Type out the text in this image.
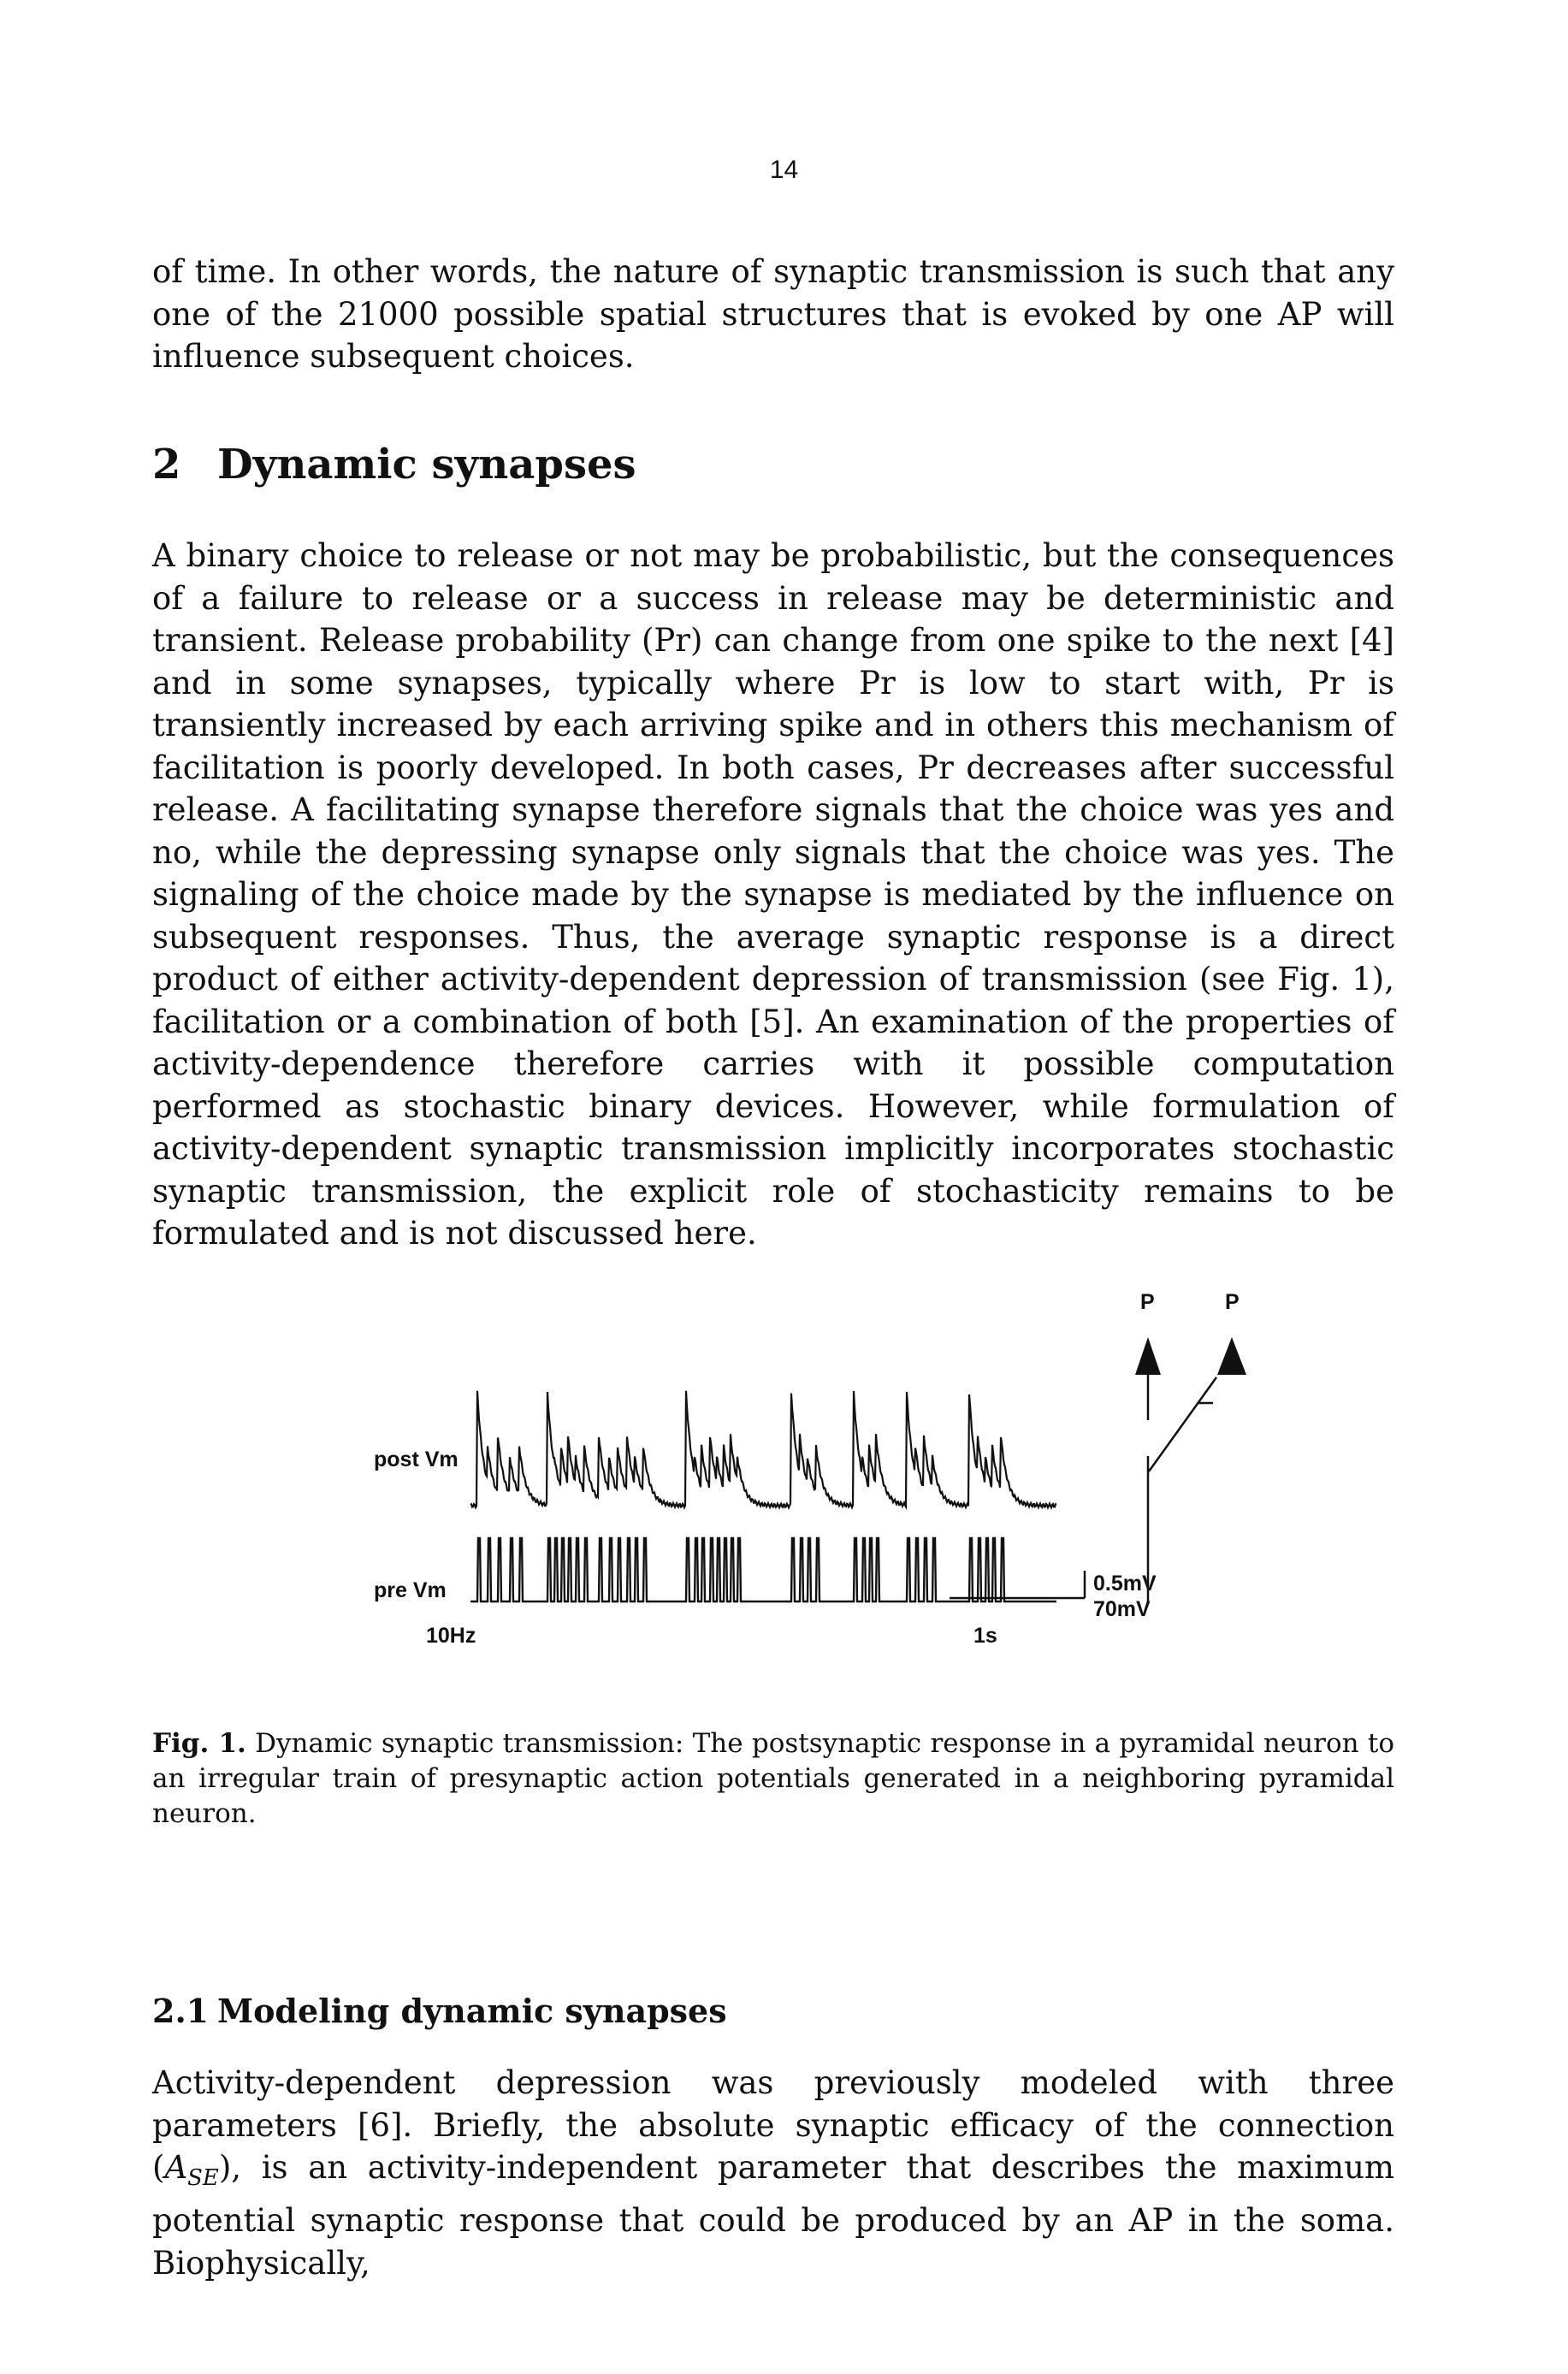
14

of time. In other words, the nature of synaptic transmission is such that any one of the 21000 possible spatial structures that is evoked by one AP will influence subsequent choices.

2 Dynamic synapses

A binary choice to release or not may be probabilistic, but the consequences of a failure to release or a success in release may be deterministic and transient. Release probability (Pr) can change from one spike to the next [4] and in some synapses, typically where Pr is low to start with, Pr is transiently increased by each arriving spike and in others this mechanism of facilitation is poorly developed. In both cases, Pr decreases after successful release. A facilitating synapse therefore signals that the choice was yes and no, while the depressing synapse only signals that the choice was yes. The signaling of the choice made by the synapse is mediated by the influence on subsequent responses. Thus, the average synaptic response is a direct product of either activity-dependent depression of transmission (see Fig. 1), facilitation or a combination of both [5]. An examination of the properties of activity-dependence therefore carries with it possible computation performed as stochastic binary devices. However, while formulation of activity-dependent synaptic transmission implicitly incorporates stochastic synaptic transmission, the explicit role of stochasticity remains to be formulated and is not discussed here.

post Vm
pre Vm
10Hz	1s
0.5mV
70mV
P	P

Fig. 1. Dynamic synaptic transmission: The postsynaptic response in a pyramidal neuron to an irregular train of presynaptic action potentials generated in a neighboring pyramidal neuron.

2.1 Modeling dynamic synapses

Activity-dependent depression was previously modeled with three parameters [6]. Briefly, the absolute synaptic efficacy of the connection $(A_{SE})$, is an activity-independent parameter that describes the maximum potential synaptic response that could be produced by an AP in the soma. Biophysically,
